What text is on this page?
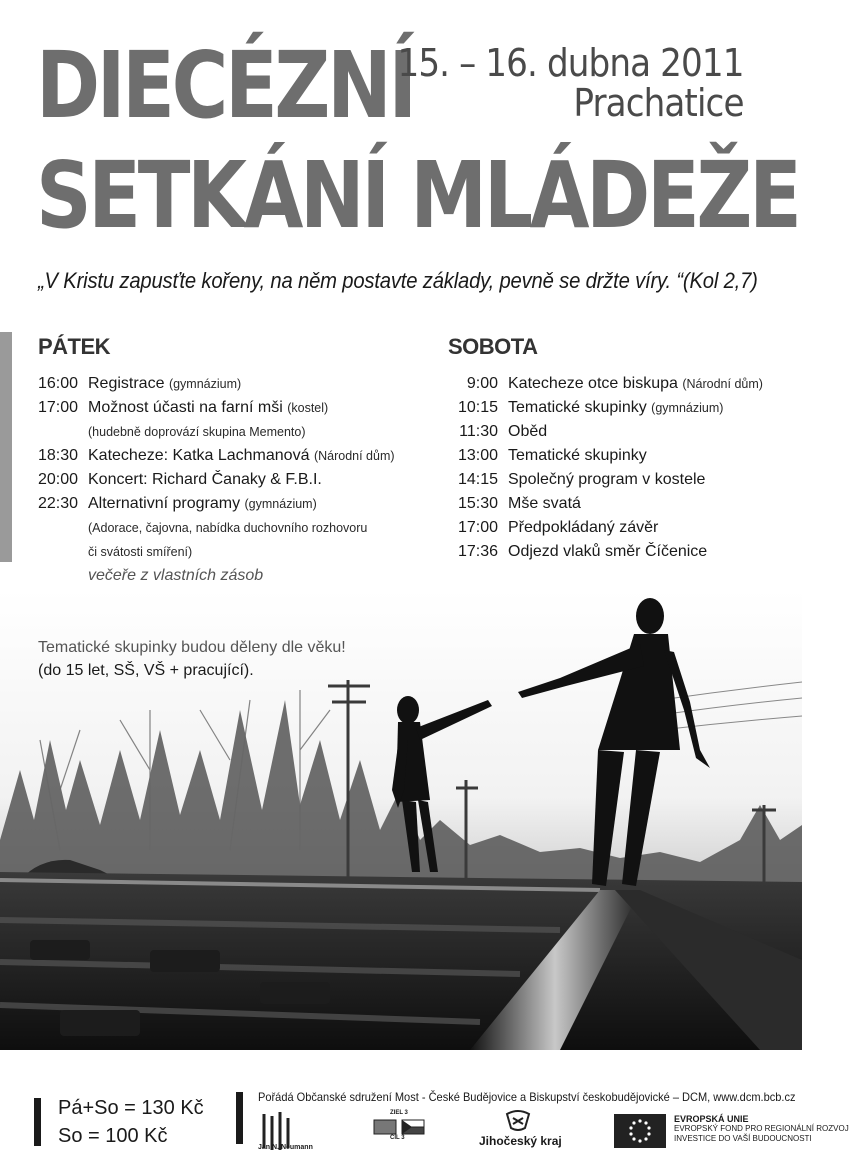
DIECÉZNÍ
SETKÁNÍ MLÁDEŽE
15. – 16. dubna 2011
Prachatice
„V Kristu zapusťte kořeny, na něm postavte základy, pevně se držte víry. “(Kol 2,7)
PÁTEK	SOBOTA
16:00 Registrace
(gymnázium)
17:00 Možnost účasti na farní mši
(kostel)
(hudebně doprovází skupina Memento)
18:30 Katecheze: Katka Lachmanová
(Národní dům)
20:00 Koncert: Richard Čanaky & F.B.I.
22:30 Alternativní programy
(gymnázium)
(Adorace, čajovna, nabídka duchovního rozhovoru
či svátosti smíření)
večeře z vlastních zásob
9:00 Katecheze otce biskupa
(Národní dům)
10:15 Tematické skupinky
(gymnázium)
11:30 Oběd
13:00 Tematické skupinky
14:15 Společný program v kostele
15:30 Mše svatá
17:00 Předpokládaný závěr
17:36 Odjezd vlaků směr Číčenice
Tematické skupinky budou děleny dle věku!
(do 15 let, SŠ, VŠ + pracující).
Pá+So = 130 Kč
So = 100 Kč
Pořádá Občanské sdružení Most - České Budějovice a Biskupství českobudějovické – DCM, www.dcm.bcb.cz
Jan N. Neumann
ZIEL 3
CÍL 3	Jihočeský kraj
EVROPSKÁ UNIE
EVROPSKÝ FOND PRO REGIONÁLNÍ ROZVOJ
INVESTICE DO VAŠÍ BUDOUCNOSTI
